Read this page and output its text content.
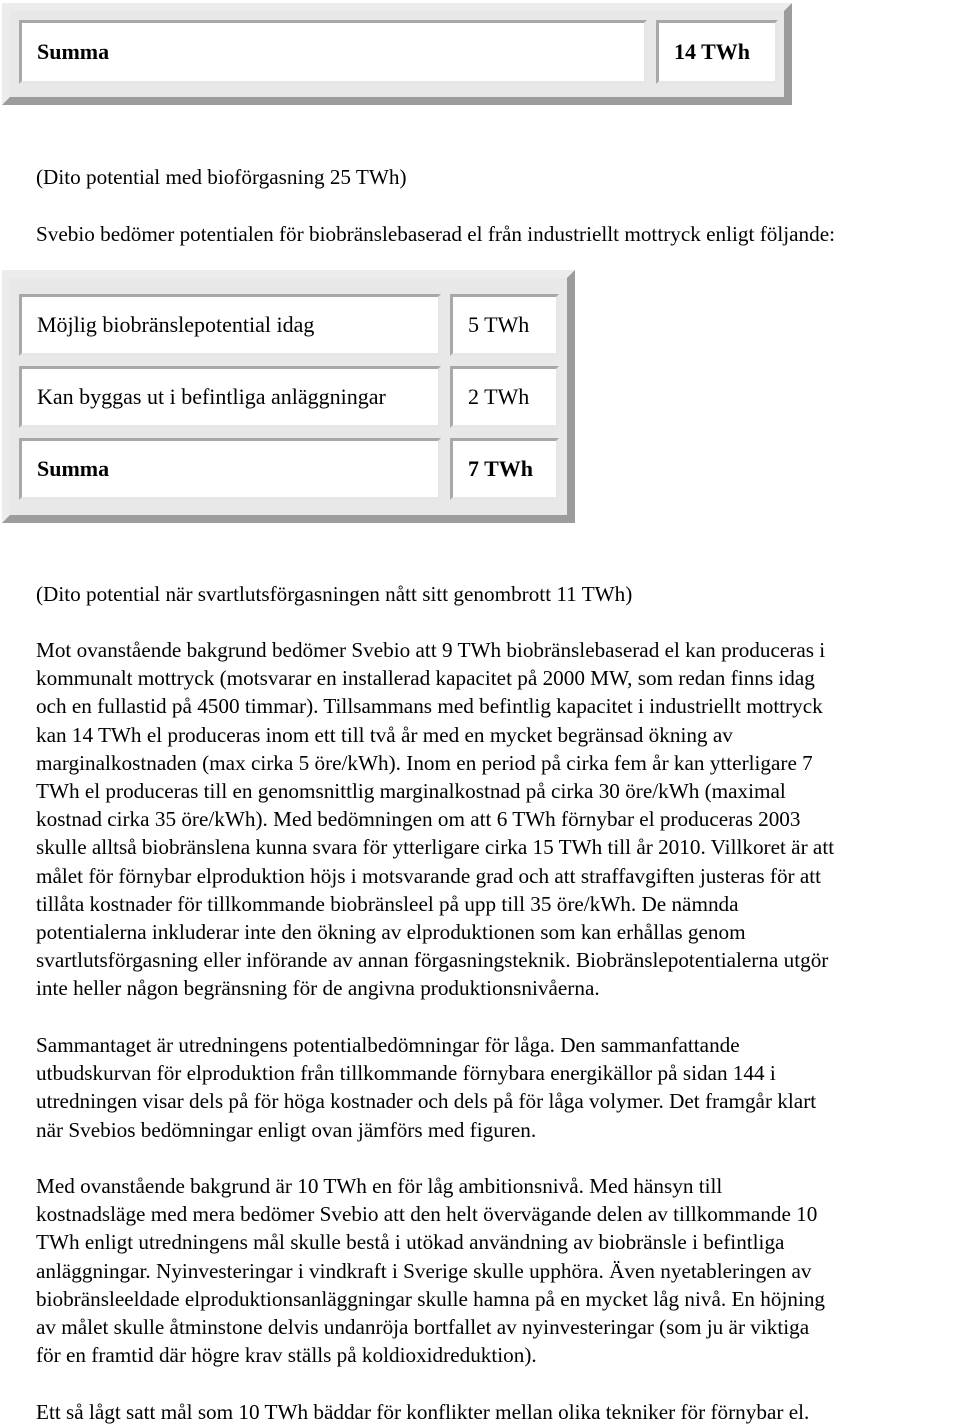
Summa	14 TWh

(Dito potential med bioförgasning 25 TWh)

Svebio bedömer potentialen för biobränslebaserad el från industriellt mottryck enligt följande:

Möjlig biobränslepotential idag	5 TWh
Kan byggas ut i befintliga anläggningar	2 TWh
Summa	7 TWh

(Dito potential när svartlutsförgasningen nått sitt genombrott 11 TWh)

Mot ovanstående bakgrund bedömer Svebio att 9 TWh biobränslebaserad el kan produceras i
kommunalt mottryck (motsvarar en installerad kapacitet på 2000 MW, som redan finns idag
och en fullastid på 4500 timmar). Tillsammans med befintlig kapacitet i industriellt mottryck
kan 14 TWh el produceras inom ett till två år med en mycket begränsad ökning av
marginalkostnaden (max cirka 5 öre/kWh). Inom en period på cirka fem år kan ytterligare 7
TWh el produceras till en genomsnittlig marginalkostnad på cirka 30 öre/kWh (maximal
kostnad cirka 35 öre/kWh). Med bedömningen om att 6 TWh förnybar el produceras 2003
skulle alltså biobränslena kunna svara för ytterligare cirka 15 TWh till år 2010. Villkoret är att
målet för förnybar elproduktion höjs i motsvarande grad och att straffavgiften justeras för att
tillåta kostnader för tillkommande biobränsleel på upp till 35 öre/kWh. De nämnda
potentialerna inkluderar inte den ökning av elproduktionen som kan erhållas genom
svartlutsförgasning eller införande av annan förgasningsteknik. Biobränslepotentialerna utgör
inte heller någon begränsning för de angivna produktionsnivåerna.
Sammantaget är utredningens potentialbedömningar för låga. Den sammanfattande
utbudskurvan för elproduktion från tillkommande förnybara energikällor på sidan 144 i
utredningen visar dels på för höga kostnader och dels på för låga volymer. Det framgår klart
när Svebios bedömningar enligt ovan jämförs med figuren.
Med ovanstående bakgrund är 10 TWh en för låg ambitionsnivå. Med hänsyn till
kostnadsläge med mera bedömer Svebio att den helt övervägande delen av tillkommande 10
TWh enligt utredningens mål skulle bestå i utökad användning av biobränsle i befintliga
anläggningar. Nyinvesteringar i vindkraft i Sverige skulle upphöra. Även nyetableringen av
biobränsleeldade elproduktionsanläggningar skulle hamna på en mycket låg nivå. En höjning
av målet skulle åtminstone delvis undanröja bortfallet av nyinvesteringar (som ju är viktiga
för en framtid där högre krav ställs på koldioxidreduktion).
Ett så lågt satt mål som 10 TWh bäddar för konflikter mellan olika tekniker för förnybar el.
